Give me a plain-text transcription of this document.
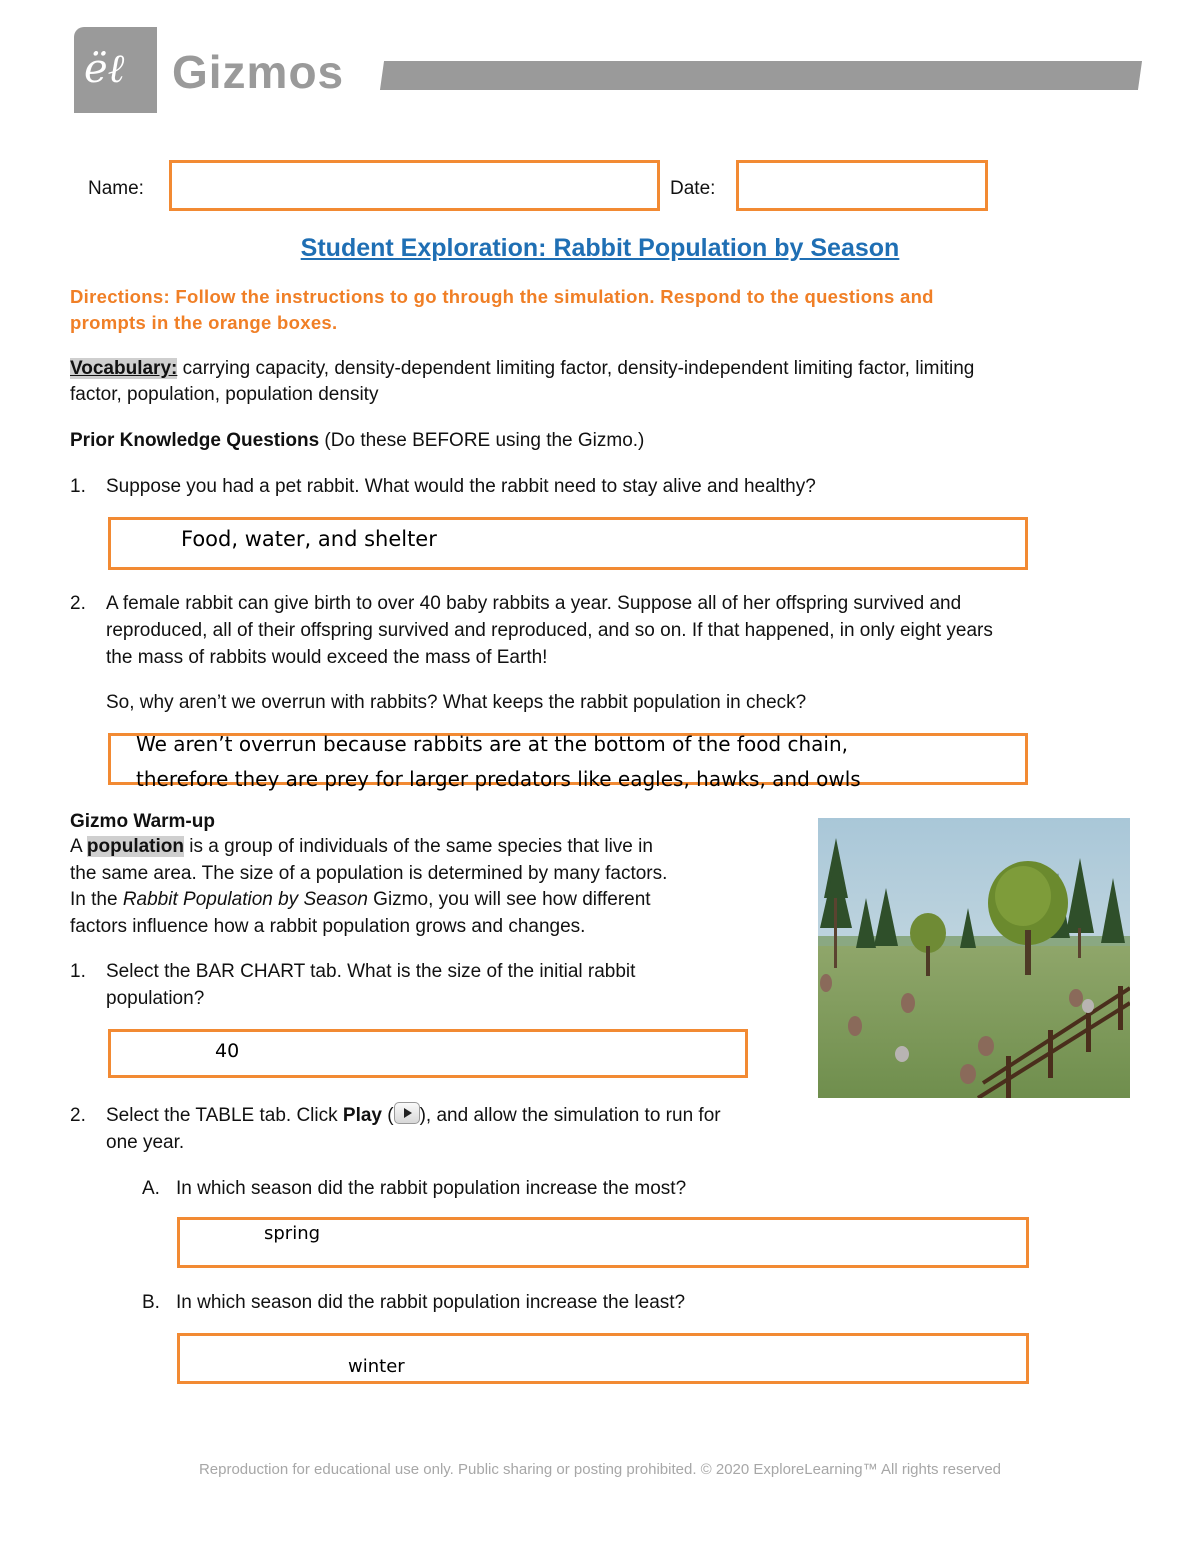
ëℓ Gizmos
Name:	Date:
Student Exploration: Rabbit Population by Season
Directions: Follow the instructions to go through the simulation. Respond to the questions and
prompts in the orange boxes.
Vocabulary: carrying capacity, density-dependent limiting factor, density-independent limiting factor, limiting
factor, population, population density
Prior Knowledge Questions (Do these BEFORE using the Gizmo.)
1. Suppose you had a pet rabbit. What would the rabbit need to stay alive and healthy?
Food, water, and shelter
2. A female rabbit can give birth to over 40 baby rabbits a year. Suppose all of her offspring survived and
reproduced, all of their offspring survived and reproduced, and so on. If that happened, in only eight years
the mass of rabbits would exceed the mass of Earth!
So, why aren’t we overrun with rabbits? What keeps the rabbit population in check?
We aren’t overrun because rabbits are at the bottom of the food chain,
therefore they are prey for larger predators like eagles, hawks, and owls
Gizmo Warm-up
A population is a group of individuals of the same species that live in
the same area. The size of a population is determined by many factors.
In the Rabbit Population by Season Gizmo, you will see how different
factors influence how a rabbit population grows and changes.
1. Select the BAR CHART tab. What is the size of the initial rabbit
population?
40
2. Select the TABLE tab. Click Play ( ), and allow the simulation to run for
one year.
A. In which season did the rabbit population increase the most?
spring
B. In which season did the rabbit population increase the least?
winter
Reproduction for educational use only. Public sharing or posting prohibited. © 2020 ExploreLearning™ All rights reserved
